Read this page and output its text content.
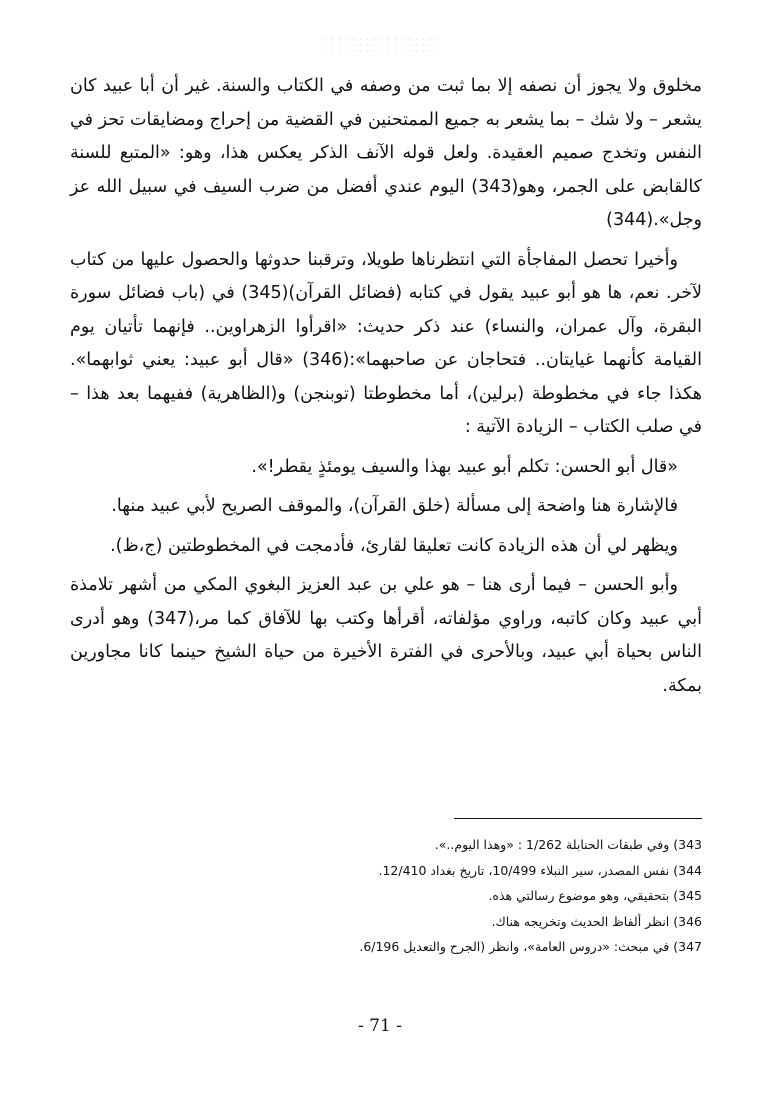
مخلوق ولا يجوز أن نصفه إلا بما ثبت من وصفه في الكتاب والسنة. غير أن أبا عبيد كان يشعر – ولا شك – بما يشعر به جميع الممتحنين في القضية من إحراج ومضايقات تحز في النفس وتخدج صميم العقيدة. ولعل قوله الآنف الذكر يعكس هذا، وهو: «المتبع للسنة كالقابض على الجمر، وهو(343) اليوم عندي أفضل من ضرب السيف في سبيل الله عز وجل».(344)

وأخيرا تحصل المفاجأة التي انتظرناها طويلا، وترقبنا حدوثها والحصول عليها من كتاب لآخر. نعم، ها هو أبو عبيد يقول في كتابه (فضائل القرآن)(345) في (باب فضائل سورة البقرة، وآل عمران، والنساء) عند ذكر حديث: «اقرأوا الزهراوين.. فإنهما تأتيان يوم القيامة كأنهما غيايتان.. فتحاجان عن صاحبهما»:(346) «قال أبو عبيد: يعني ثوابهما». هكذا جاء في مخطوطة (برلين)، أما مخطوطتا (توبنجن) و(الظاهرية) ففيهما بعد هذا – في صلب الكتاب – الزيادة الآتية :

«قال أبو الحسن: تكلم أبو عبيد بهذا والسيف يومئذٍ يقطر!».

فالإشارة هنا واضحة إلى مسألة (خلق القرآن)، والموقف الصريح لأبي عبيد منها.

ويظهر لي أن هذه الزيادة كانت تعليقا لقارئ، فأدمجت في المخطوطتين (ج،ظ).

وأبو الحسن – فيما أرى هنا – هو علي بن عبد العزيز البغوي المكي من أشهر تلامذة أبي عبيد وكان كاتبه، وراوي مؤلفاته، أقرأها وكتب بها للآفاق كما مر،(347) وهو أدرى الناس بحياة أبي عبيد، وبالأحرى في الفترة الأخيرة من حياة الشيخ حينما كانا مجاورين بمكة.

343) وفي طبقات الحنابلة 1/262 : «وهذا اليوم..».

344) نفس المصدر، سير النبلاء 10/499، تاريخ بغداد 12/410.

345) بتحقيقي، وهو موضوع رسالتي هذه.

346) انظر ألفاظ الحديث وتخريجه هناك.

347) في مبحث: «دروس العامة»، وانظر (الجرح والتعديل 6/196.

- 71 -
